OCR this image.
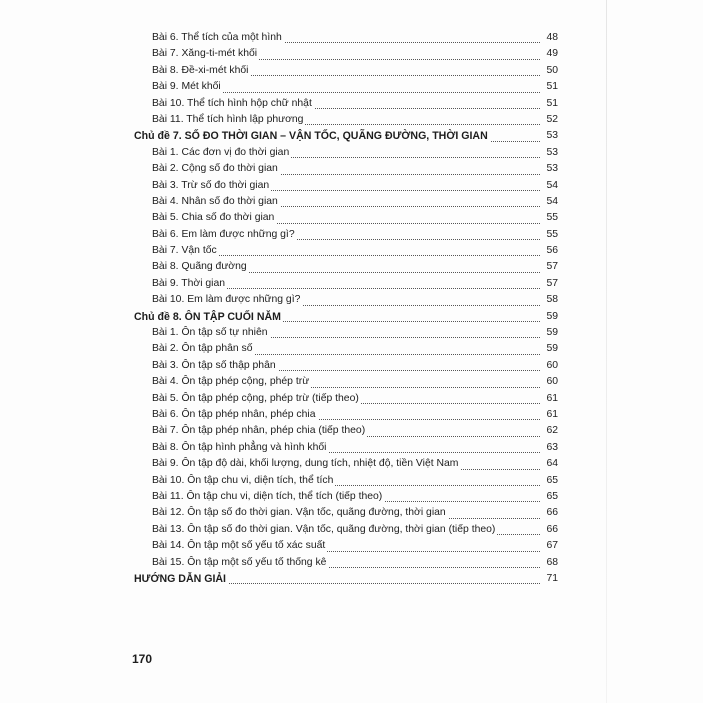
Bài 6. Thể tích của một hình	48
Bài 7. Xăng-ti-mét khối	49
Bài 8. Đề-xi-mét khối	50
Bài 9. Mét khối	51
Bài 10. Thể tích hình hộp chữ nhật	51
Bài 11. Thể tích hình lập phương	52
Chủ đề 7. SỐ ĐO THỜI GIAN – VẬN TỐC, QUÃNG ĐƯỜNG, THỜI GIAN	53
Bài 1. Các đơn vị đo thời gian	53
Bài 2. Cộng số đo thời gian	53
Bài 3. Trừ số đo thời gian	54
Bài 4. Nhân số đo thời gian	54
Bài 5. Chia số đo thời gian	55
Bài 6. Em làm được những gì?	55
Bài 7. Vận tốc	56
Bài 8. Quãng đường	57
Bài 9. Thời gian	57
Bài 10. Em làm được những gì?	58
Chủ đề 8. ÔN TẬP CUỐI NĂM	59
Bài 1. Ôn tập số tự nhiên	59
Bài 2. Ôn tập phân số	59
Bài 3. Ôn tập số thập phân	60
Bài 4. Ôn tập phép cộng, phép trừ	60
Bài 5. Ôn tập phép cộng, phép trừ (tiếp theo)	61
Bài 6. Ôn tập phép nhân, phép chia	61
Bài 7. Ôn tập phép nhân, phép chia (tiếp theo)	62
Bài 8. Ôn tập hình phẳng và hình khối	63
Bài 9. Ôn tập độ dài, khối lượng, dung tích, nhiệt độ, tiền Việt Nam	64
Bài 10. Ôn tập chu vi, diện tích, thể tích	65
Bài 11. Ôn tập chu vi, diện tích, thể tích (tiếp theo)	65
Bài 12. Ôn tập số đo thời gian. Vận tốc, quãng đường, thời gian	66
Bài 13. Ôn tập số đo thời gian. Vận tốc, quãng đường, thời gian (tiếp theo)	66
Bài 14. Ôn tập một số yếu tố xác suất	67
Bài 15. Ôn tập một số yếu tố thống kê	68
HƯỚNG DẪN GIẢI	71
170
